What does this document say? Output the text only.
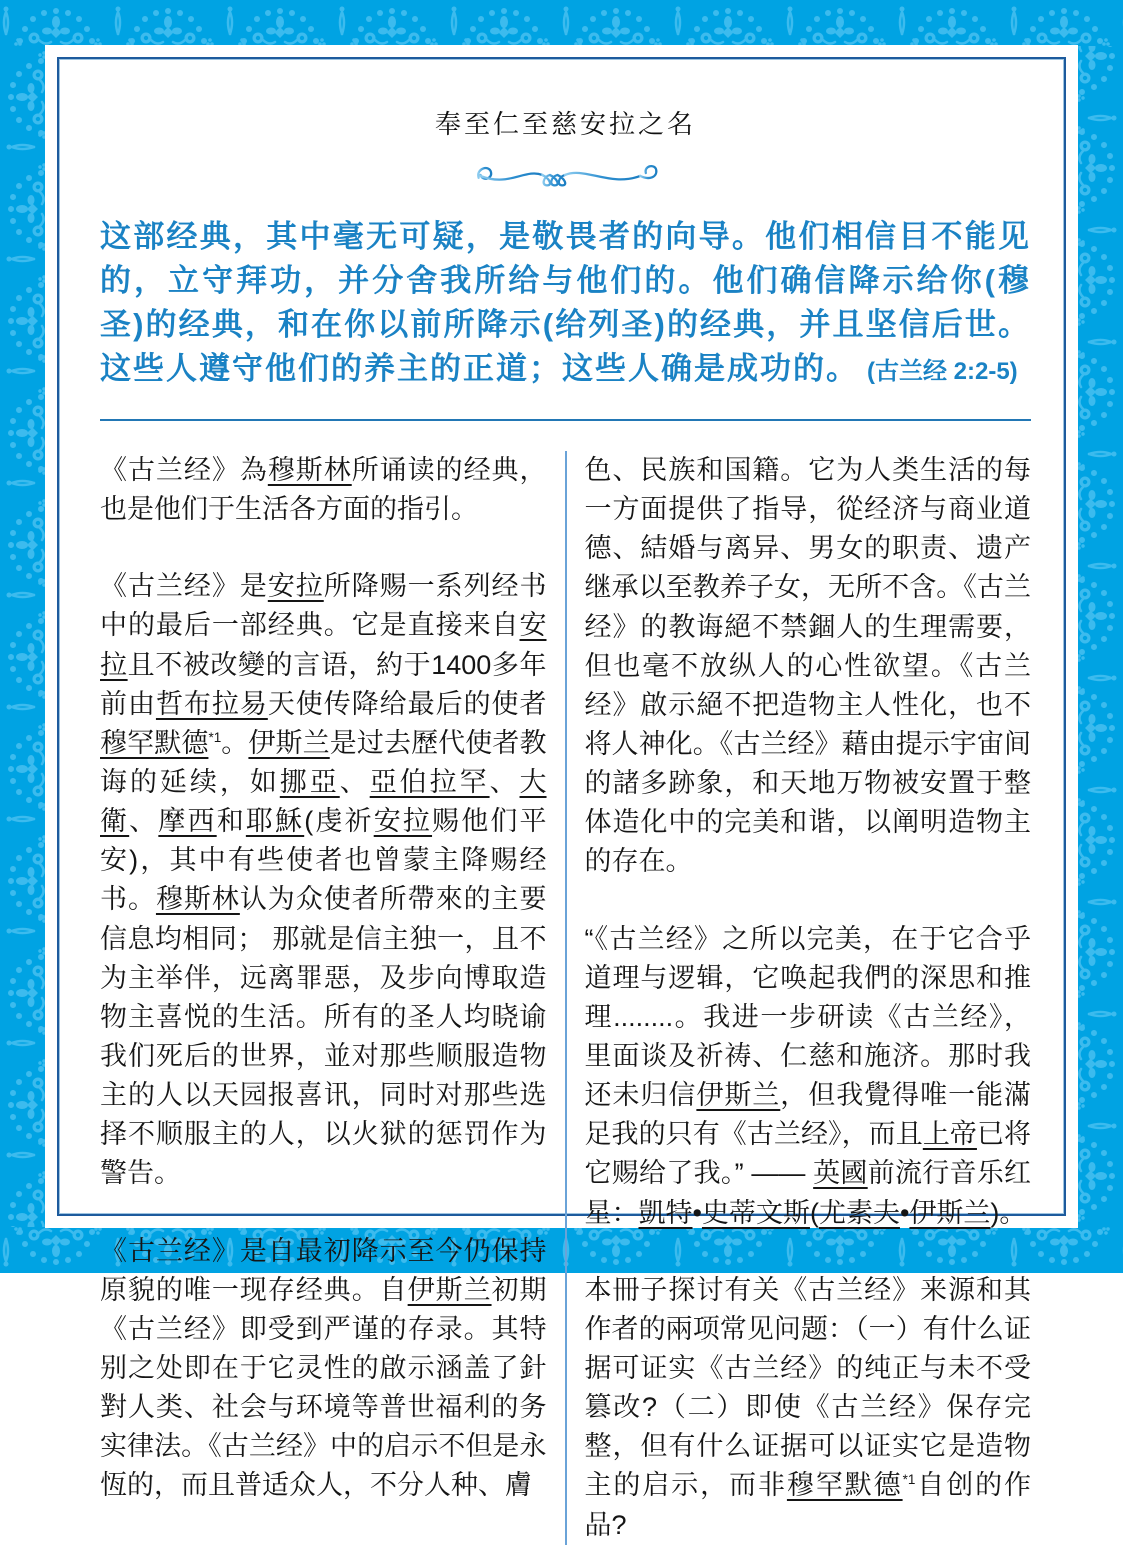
奉至仁至慈安拉之名

这部经典，其中毫无可疑，是敬畏者的向导。他们相信目不能见的，立守拜功，并分舍我所给与他们的。他们确信降示给你(穆圣)的经典，和在你以前所降示(给列圣)的经典，并且坚信后世。这些人遵守他们的养主的正道；这些人确是成功的。 (古兰经 2:2-5)

《古兰经》為穆斯林所诵读的经典，也是他们于生活各方面的指引。

《古兰经》是安拉所降赐一系列经书中的最后一部经典。它是直接来自安拉且不被改變的言语，約于1400多年前由哲布拉易天使传降给最后的使者穆罕默德$^{*1}$。伊斯兰是过去歷代使者教诲的延续，如挪亞、亞伯拉罕、大衛、摩西和耶穌(虔祈安拉赐他们平安)，其中有些使者也曾蒙主降赐经书。穆斯林认为众使者所帶來的主要信息均相同； 那就是信主独一，且不为主举伴，远离罪惡，及步向博取造物主喜悦的生活。所有的圣人均晓谕我们死后的世界，並对那些顺服造物主的人以天园报喜讯，同时对那些选择不顺服主的人，以火狱的惩罚作为警告。

《古兰经》是自最初降示至今仍保持原貌的唯一现存经典。自伊斯兰初期《古兰经》即受到严谨的存录。其特别之处即在于它灵性的啟示涵盖了針對人类、社会与环境等普世福利的务实律法。《古兰经》中的启示不但是永恆的，而且普适众人，不分人种、膚

色、民族和国籍。它为人类生活的每一方面提供了指导，從经济与商业道德、結婚与离异、男女的职责、遗产继承以至教养子女，无所不含。《古兰经》的教诲絕不禁錮人的生理需要，但也毫不放纵人的心性欲望。《古兰经》啟示絕不把造物主人性化，也不将人神化。《古兰经》藉由提示宇宙间的諸多跡象，和天地万物被安置于整体造化中的完美和谐，以阐明造物主的存在。

“《古兰经》之所以完美，在于它合乎道理与逻辑，它唤起我們的深思和推理........。我进一步研读《古兰经》，里面谈及祈祷、仁慈和施济。那时我还未归信伊斯兰，但我覺得唯一能滿足我的只有《古兰经》，而且上帝已将它赐给了我。” —— 英國前流行音乐红星：凱特•史蒂文斯(尤素夫•伊斯兰)。

本冊子探讨有关《古兰经》来源和其作者的兩项常见问题：（一）有什么证据可证实《古兰经》的纯正与未不受篡改?（二）即使《古兰经》保存完整，但有什么证据可以证实它是造物主的启示，而非穆罕默德$^{*1}$自创的作品?
